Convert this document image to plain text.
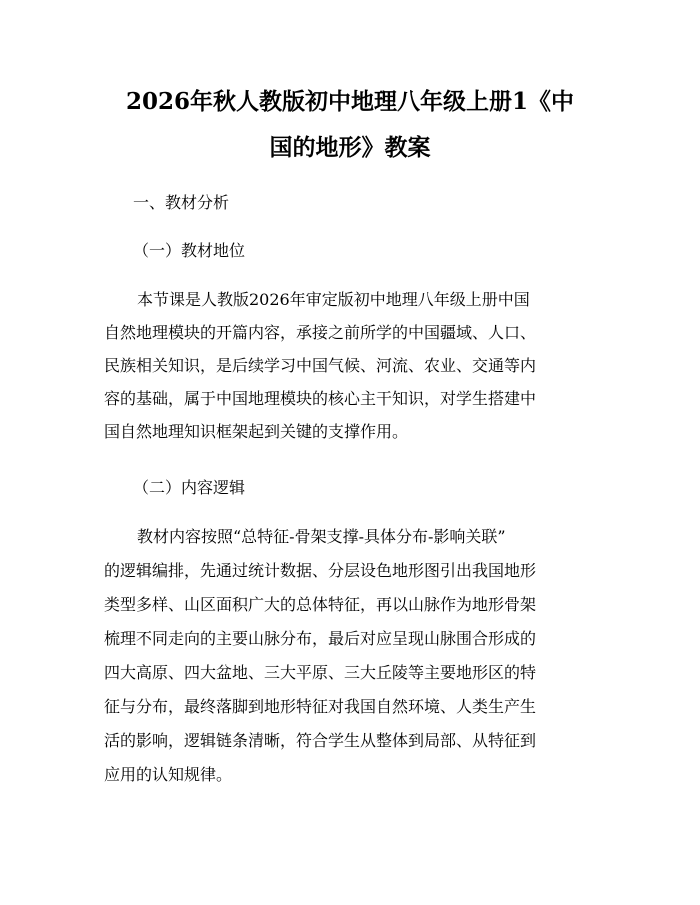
2026年秋人教版初中地理八年级上册1《中
国的地形》教案
一、教材分析
（一）教材地位
本节课是人教版2026年审定版初中地理八年级上册中国
自然地理模块的开篇内容，承接之前所学的中国疆域、人口、
民族相关知识，是后续学习中国气候、河流、农业、交通等内
容的基础，属于中国地理模块的核心主干知识，对学生搭建中
国自然地理知识框架起到关键的支撑作用。
（二）内容逻辑
教材内容按照“总特征-骨架支撑-具体分布-影响关联”
的逻辑编排，先通过统计数据、分层设色地形图引出我国地形
类型多样、山区面积广大的总体特征，再以山脉作为地形骨架
梳理不同走向的主要山脉分布，最后对应呈现山脉围合形成的
四大高原、四大盆地、三大平原、三大丘陵等主要地形区的特
征与分布，最终落脚到地形特征对我国自然环境、人类生产生
活的影响，逻辑链条清晰，符合学生从整体到局部、从特征到
应用的认知规律。
